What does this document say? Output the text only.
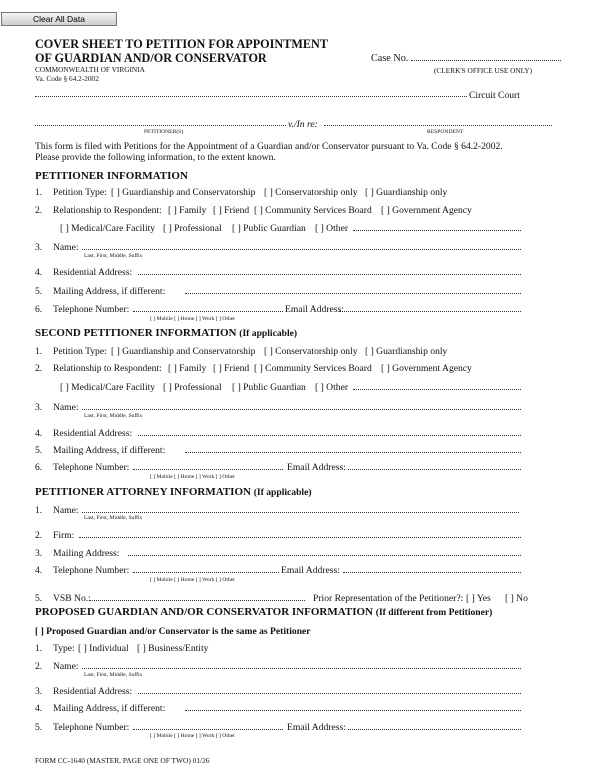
Clear All Data
COVER SHEET TO PETITION FOR APPOINTMENT
OF GUARDIAN AND/OR CONSERVATOR
COMMONWEALTH OF VIRGINIA
Va. Code § 64.2-2002
Case No.
(CLERK'S OFFICE USE ONLY)
Circuit Court
v./In re:
PETITIONER(S)	RESPONDENT
This form is filed with Petitions for the Appointment of a Guardian and/or Conservator pursuant to Va. Code § 64.2-2002.
Please provide the following information, to the extent known.
PETITIONER INFORMATION
1. Petition Type: [ ] Guardianship and Conservatorship [ ] Conservatorship only [ ] Guardianship only
2. Relationship to Respondent: [ ] Family [ ] Friend [ ] Community Services Board [ ] Government Agency
[ ] Medical/Care Facility [ ] Professional [ ] Public Guardian [ ] Other
3. Name:
Last, First, Middle, Suffix
4. Residential Address:
5. Mailing Address, if different:
6. Telephone Number:	Email Address:
[ ] Mobile [ ] Home [ ] Work [ ] Other
SECOND PETITIONER INFORMATION (If applicable)
1. Petition Type: [ ] Guardianship and Conservatorship [ ] Conservatorship only [ ] Guardianship only
2. Relationship to Respondent: [ ] Family [ ] Friend [ ] Community Services Board [ ] Government Agency
[ ] Medical/Care Facility [ ] Professional [ ] Public Guardian [ ] Other
3. Name:
Last, First, Middle, Suffix
4. Residential Address:
5. Mailing Address, if different:
6. Telephone Number:	Email Address:
[ ] Mobile [ ] Home [ ] Work [ ] Other
PETITIONER ATTORNEY INFORMATION (If applicable)
1. Name:
Last, First, Middle, Suffix
2. Firm:
3. Mailing Address:
4. Telephone Number:	Email Address:
[ ] Mobile [ ] Home [ ] Work [ ] Other
5. VSB No.:	Prior Representation of the Petitioner?: [ ] Yes [ ] No
PROPOSED GUARDIAN AND/OR CONSERVATOR INFORMATION (If different from Petitioner)
[ ] Proposed Guardian and/or Conservator is the same as Petitioner
1. Type: [ ] Individual [ ] Business/Entity
2. Name:
Last, First, Middle, Suffix
3. Residential Address:
4. Mailing Address, if different:
5. Telephone Number:	Email Address:
[ ] Mobile [ ] Home [ ] Work [ ] Other
FORM CC-1640 (MASTER, PAGE ONE OF TWO) 01/26
